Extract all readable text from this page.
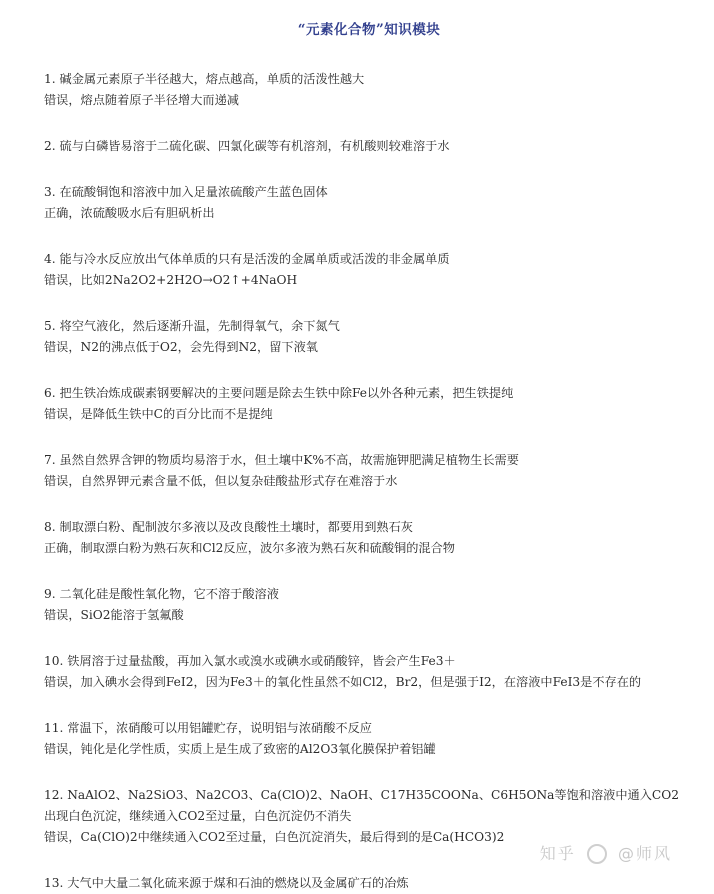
“元素化合物”知识模块
1. 碱金属元素原子半径越大，熔点越高，单质的活泼性越大
错误，熔点随着原子半径增大而递减
2. 硫与白磷皆易溶于二硫化碳、四氯化碳等有机溶剂，有机酸则较难溶于水
3. 在硫酸铜饱和溶液中加入足量浓硫酸产生蓝色固体
正确，浓硫酸吸水后有胆矾析出
4. 能与冷水反应放出气体单质的只有是活泼的金属单质或活泼的非金属单质
错误，比如2Na2O2+2H2O→O2↑+4NaOH
5. 将空气液化，然后逐渐升温，先制得氧气，余下氮气
错误，N2的沸点低于O2，会先得到N2，留下液氧
6. 把生铁冶炼成碳素钢要解决的主要问题是除去生铁中除Fe以外各种元素，把生铁提纯
错误，是降低生铁中C的百分比而不是提纯
7. 虽然自然界含钾的物质均易溶于水，但土壤中K%不高，故需施钾肥满足植物生长需要
错误，自然界钾元素含量不低，但以复杂硅酸盐形式存在难溶于水
8. 制取漂白粉、配制波尔多液以及改良酸性土壤时，都要用到熟石灰
正确，制取漂白粉为熟石灰和Cl2反应，波尔多液为熟石灰和硫酸铜的混合物
9. 二氧化硅是酸性氧化物，它不溶于酸溶液
错误，SiO2能溶于氢氟酸
10. 铁屑溶于过量盐酸，再加入氯水或溴水或碘水或硝酸锌，皆会产生Fe3＋
错误，加入碘水会得到FeI2，因为Fe3＋的氧化性虽然不如Cl2，Br2，但是强于I2，在溶液中FeI3是不存在的
11. 常温下，浓硝酸可以用铝罐贮存，说明铝与浓硝酸不反应
错误，钝化是化学性质，实质上是生成了致密的Al2O3氧化膜保护着铝罐
12. NaAlO2、Na2SiO3、Na2CO3、Ca(ClO)2、NaOH、C17H35COONa、C6H5ONa等饱和溶液中通入CO2出现白色沉淀，继续通入CO2至过量，白色沉淀仍不消失
错误，Ca(ClO)2中继续通入CO2至过量，白色沉淀消失，最后得到的是Ca(HCO3)2
13. 大气中大量二氧化硫来源于煤和石油的燃烧以及金属矿石的冶炼
知乎	@师风
